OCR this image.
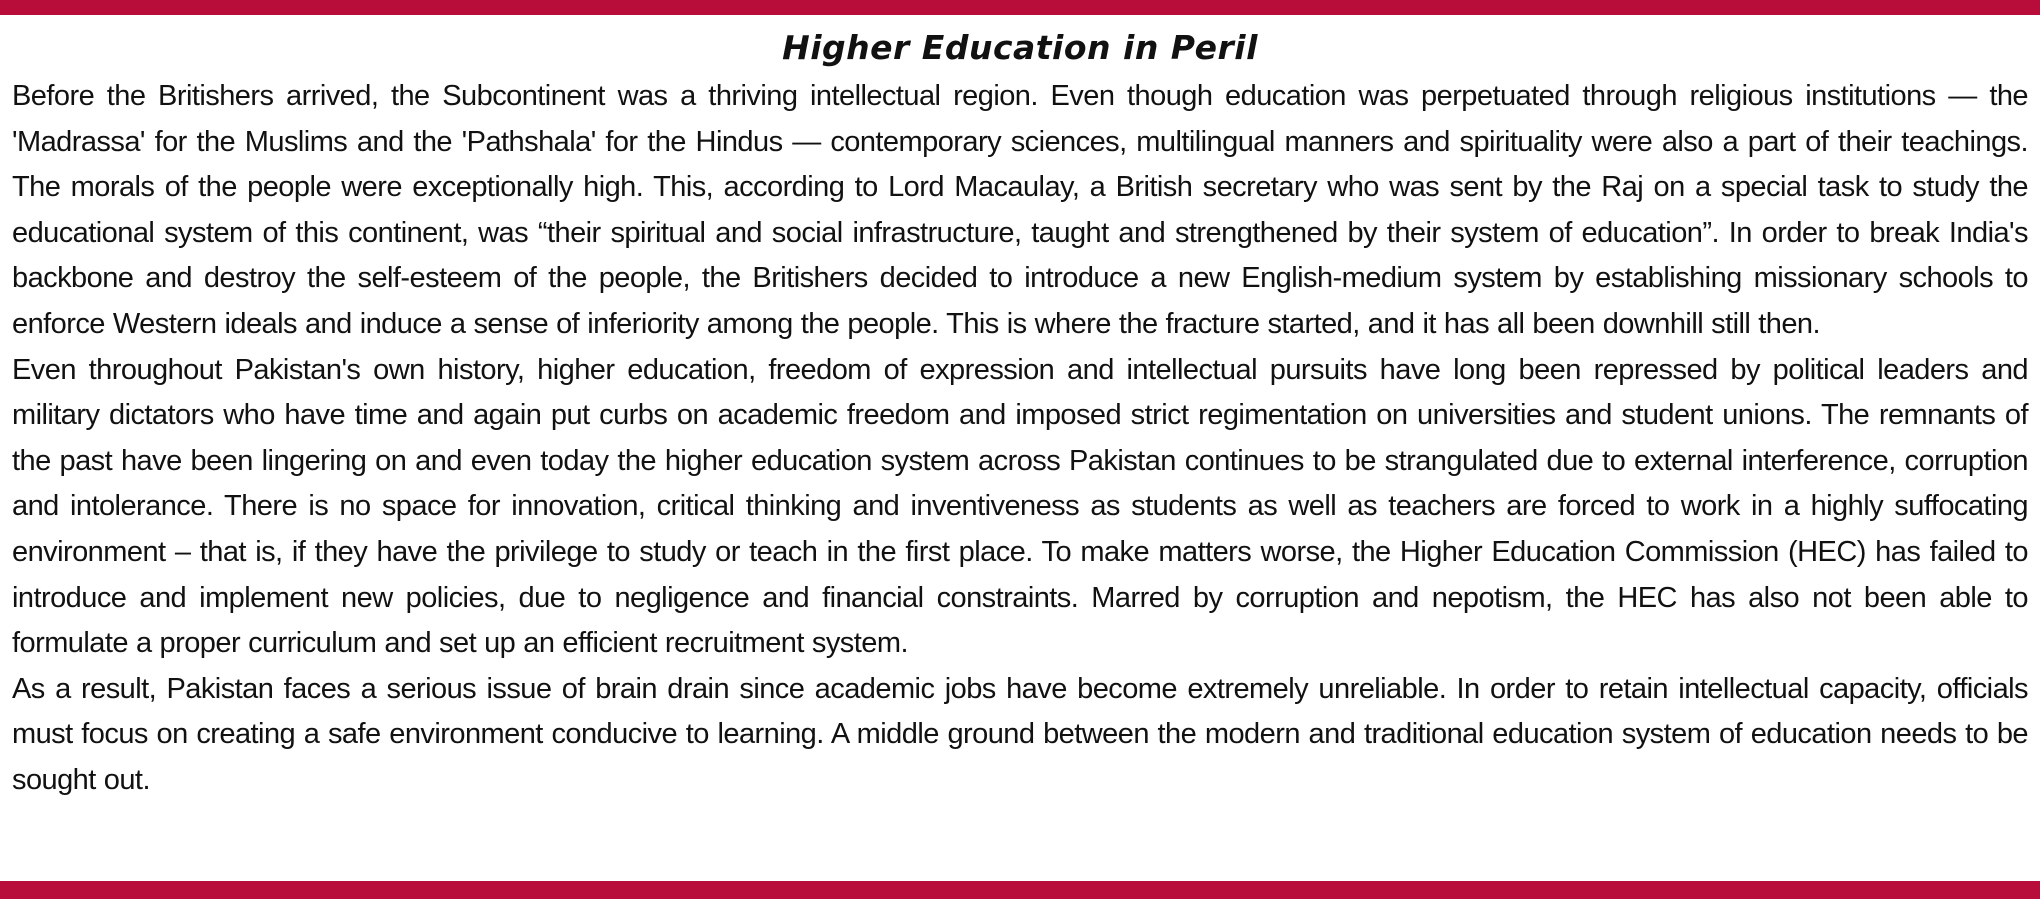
Higher Education in Peril

Before the Britishers arrived, the Subcontinent was a thriving intellectual region. Even though education was perpetuated through religious institutions — the 'Madrassa' for the Muslims and the 'Pathshala' for the Hindus — contemporary sciences, multilingual manners and spirituality were also a part of their teachings. The morals of the people were exceptionally high. This, according to Lord Macaulay, a British secretary who was sent by the Raj on a special task to study the educational system of this continent, was “their spiritual and social infrastructure, taught and strengthened by their system of education”. In order to break India's backbone and destroy the self-esteem of the people, the Britishers decided to introduce a new English-medium system by establishing missionary schools to enforce Western ideals and induce a sense of inferiority among the people. This is where the fracture started, and it has all been downhill still then.

Even throughout Pakistan's own history, higher education, freedom of expression and intellectual pursuits have long been repressed by political leaders and military dictators who have time and again put curbs on academic freedom and imposed strict regimentation on universities and student unions. The remnants of the past have been lingering on and even today the higher education system across Pakistan continues to be strangulated due to external interference, corruption and intolerance. There is no space for innovation, critical thinking and inventiveness as students as well as teachers are forced to work in a highly suffocating environment – that is, if they have the privilege to study or teach in the first place. To make matters worse, the Higher Education Commission (HEC) has failed to introduce and implement new policies, due to negligence and financial constraints. Marred by corruption and nepotism, the HEC has also not been able to formulate a proper curriculum and set up an efficient recruitment system.

As a result, Pakistan faces a serious issue of brain drain since academic jobs have become extremely unreliable. In order to retain intellectual capacity, officials must focus on creating a safe environment conducive to learning. A middle ground between the modern and traditional education system of education needs to be sought out.
